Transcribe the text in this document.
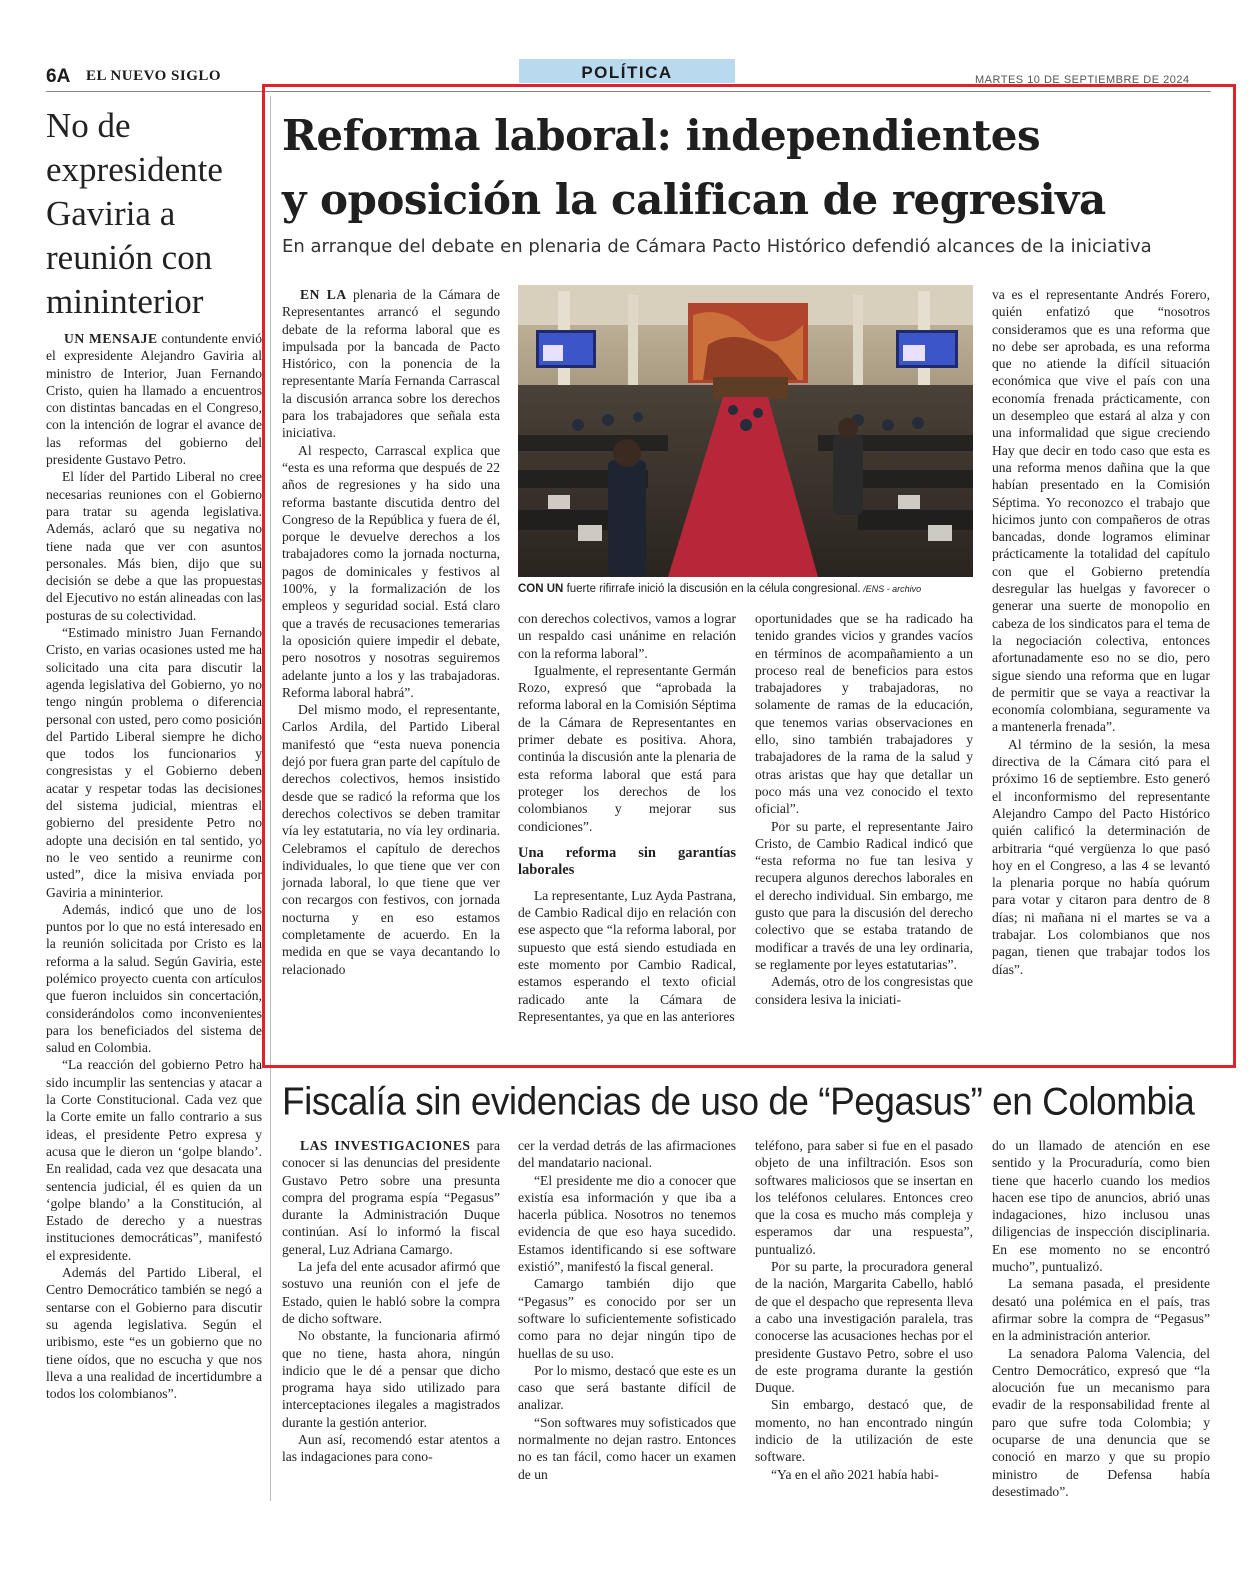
6A EL NUEVO SIGLO	POLÍTICA	MARTES 10 DE SEPTIEMBRE DE 2024
No de expresidente Gaviria a reunión con mininterior

UN MENSAJE contundente envió el expresidente Alejandro Gaviria al ministro de Interior, Juan Fernando Cristo, quien ha llamado a encuentros con distintas bancadas en el Congreso, con la intención de lograr el avance de las reformas del gobierno del presidente Gustavo Petro.

El líder del Partido Liberal no cree necesarias reuniones con el Gobierno para tratar su agenda legislativa. Además, aclaró que su negativa no tiene nada que ver con asuntos personales. Más bien, dijo que su decisión se debe a que las propuestas del Ejecutivo no están alineadas con las posturas de su colectividad.

“Estimado ministro Juan Fernando Cristo, en varias ocasiones usted me ha solicitado una cita para discutir la agenda legislativa del Gobierno, yo no tengo ningún problema o diferencia personal con usted, pero como posición del Partido Liberal siempre he dicho que todos los funcionarios y congresistas y el Gobierno deben acatar y respetar todas las decisiones del sistema judicial, mientras el gobierno del presidente Petro no adopte una decisión en tal sentido, yo no le veo sentido a reunirme con usted”, dice la misiva enviada por Gaviria a mininterior.

Además, indicó que uno de los puntos por lo que no está interesado en la reunión solicitada por Cristo es la reforma a la salud. Según Gaviria, este polémico proyecto cuenta con artículos que fueron incluidos sin concertación, considerándolos como inconvenientes para los beneficiados del sistema de salud en Colombia.

“La reacción del gobierno Petro ha sido incumplir las sentencias y atacar a la Corte Constitucional. Cada vez que la Corte emite un fallo contrario a sus ideas, el presidente Petro expresa y acusa que le dieron un ‘golpe blando’. En realidad, cada vez que desacata una sentencia judicial, él es quien da un ‘golpe blando’ a la Constitución, al Estado de derecho y a nuestras instituciones democráticas”, manifestó el expresidente.

Además del Partido Liberal, el Centro Democrático también se negó a sentarse con el Gobierno para discutir su agenda legislativa. Según el uribismo, este “es un gobierno que no tiene oídos, que no escucha y que nos lleva a una realidad de incertidumbre a todos los colombianos”.

Reforma laboral: independientes
y oposición la califican de regresiva
En arranque del debate en plenaria de Cámara Pacto Histórico defendió alcances de la iniciativa

EN LA plenaria de la Cámara de Representantes arrancó el segundo debate de la reforma laboral que es impulsada por la bancada de Pacto Histórico, con la ponencia de la representante María Fernanda Carrascal la discusión arranca sobre los derechos para los trabajadores que señala esta iniciativa.

Al respecto, Carrascal explica que “esta es una reforma que después de 22 años de regresiones y ha sido una reforma bastante discutida dentro del Congreso de la República y fuera de él, porque le devuelve derechos a los trabajadores como la jornada nocturna, pagos de dominicales y festivos al 100%, y la formalización de los empleos y seguridad social. Está claro que a través de recusaciones temerarias la oposición quiere impedir el debate, pero nosotros y nosotras seguiremos adelante junto a los y las trabajadoras. Reforma laboral habrá”.

Del mismo modo, el representante, Carlos Ardila, del Partido Liberal manifestó que “esta nueva ponencia dejó por fuera gran parte del capítulo de derechos colectivos, hemos insistido desde que se radicó la reforma que los derechos colectivos se deben tramitar vía ley estatutaria, no vía ley ordinaria. Celebramos el capítulo de derechos individuales, lo que tiene que ver con jornada laboral, lo que tiene que ver con recargos con festivos, con jornada nocturna y en eso estamos completamente de acuerdo. En la medida en que se vaya decantando lo relacionado

CON UN fuerte rifirrafe inició la discusión en la célula congresional. /ENS - archivo

con derechos colectivos, vamos a lograr un respaldo casi unánime en relación con la reforma laboral”.

Igualmente, el representante Germán Rozo, expresó que “aprobada la reforma laboral en la Comisión Séptima de la Cámara de Representantes en primer debate es positiva. Ahora, continúa la discusión ante la plenaria de esta reforma laboral que está para proteger los derechos de los colombianos y mejorar sus condiciones”.

Una reforma sin garantías laborales

La representante, Luz Ayda Pastrana, de Cambio Radical dijo en relación con ese aspecto que “la reforma laboral, por supuesto que está siendo estudiada en este momento por Cambio Radical, estamos esperando el texto oficial radicado ante la Cámara de Representantes, ya que en las anteriores

oportunidades que se ha radicado ha tenido grandes vicios y grandes vacíos en términos de acompañamiento a un proceso real de beneficios para estos trabajadores y trabajadoras, no solamente de ramas de la educación, que tenemos varias observaciones en ello, sino también trabajadores y trabajadores de la rama de la salud y otras aristas que hay que detallar un poco más una vez conocido el texto oficial”.

Por su parte, el representante Jairo Cristo, de Cambio Radical indicó que “esta reforma no fue tan lesiva y recupera algunos derechos laborales en el derecho individual. Sin embargo, me gusto que para la discusión del derecho colectivo que se estaba tratando de modificar a través de una ley ordinaria, se reglamente por leyes estatutarias”.

Además, otro de los congresistas que considera lesiva la iniciati-

va es el representante Andrés Forero, quién enfatizó que “nosotros consideramos que es una reforma que no debe ser aprobada, es una reforma que no atiende la difícil situación económica que vive el país con una economía frenada prácticamente, con un desempleo que estará al alza y con una informalidad que sigue creciendo Hay que decir en todo caso que esta es una reforma menos dañina que la que habían presentado en la Comisión Séptima. Yo reconozco el trabajo que hicimos junto con compañeros de otras bancadas, donde logramos eliminar prácticamente la totalidad del capítulo con que el Gobierno pretendía desregular las huelgas y favorecer o generar una suerte de monopolio en cabeza de los sindicatos para el tema de la negociación colectiva, entonces afortunadamente eso no se dio, pero sigue siendo una reforma que en lugar de permitir que se vaya a reactivar la economía colombiana, seguramente va a mantenerla frenada”.

Al término de la sesión, la mesa directiva de la Cámara citó para el próximo 16 de septiembre. Esto generó el inconformismo del representante Alejandro Campo del Pacto Histórico quién calificó la determinación de arbitraria “qué vergüenza lo que pasó hoy en el Congreso, a las 4 se levantó la plenaria porque no había quórum para votar y citaron para dentro de 8 días; ni mañana ni el martes se va a trabajar. Los colombianos que nos pagan, tienen que trabajar todos los días”.

Fiscalía sin evidencias de uso de “Pegasus” en Colombia

LAS INVESTIGACIONES para conocer si las denuncias del presidente Gustavo Petro sobre una presunta compra del programa espía “Pegasus” durante la Administración Duque continúan. Así lo informó la fiscal general, Luz Adriana Camargo.

La jefa del ente acusador afirmó que sostuvo una reunión con el jefe de Estado, quien le habló sobre la compra de dicho software.

No obstante, la funcionaria afirmó que no tiene, hasta ahora, ningún indicio que le dé a pensar que dicho programa haya sido utilizado para interceptaciones ilegales a magistrados durante la gestión anterior.

Aun así, recomendó estar atentos a las indagaciones para cono-

cer la verdad detrás de las afirmaciones del mandatario nacional.

“El presidente me dio a conocer que existía esa información y que iba a hacerla pública. Nosotros no tenemos evidencia de que eso haya sucedido. Estamos identificando si ese software existió”, manifestó la fiscal general.

Camargo también dijo que “Pegasus” es conocido por ser un software lo suficientemente sofisticado como para no dejar ningún tipo de huellas de su uso.

Por lo mismo, destacó que este es un caso que será bastante difícil de analizar.

“Son softwares muy sofisticados que normalmente no dejan rastro. Entonces no es tan fácil, como hacer un examen de un

teléfono, para saber si fue en el pasado objeto de una infiltración. Esos son softwares maliciosos que se insertan en los teléfonos celulares. Entonces creo que la cosa es mucho más compleja y esperamos dar una respuesta”, puntualizó.

Por su parte, la procuradora general de la nación, Margarita Cabello, habló de que el despacho que representa lleva a cabo una investigación paralela, tras conocerse las acusaciones hechas por el presidente Gustavo Petro, sobre el uso de este programa durante la gestión Duque.

Sin embargo, destacó que, de momento, no han encontrado ningún indicio de la utilización de este software.

“Ya en el año 2021 había habi-

do un llamado de atención en ese sentido y la Procuraduría, como bien tiene que hacerlo cuando los medios hacen ese tipo de anuncios, abrió unas indagaciones, hizo inclusou unas diligencias de inspección disciplinaria. En ese momento no se encontró mucho”, puntualizó.

La semana pasada, el presidente desató una polémica en el país, tras afirmar sobre la compra de “Pegasus” en la administración anterior.

La senadora Paloma Valencia, del Centro Democrático, expresó que “la alocución fue un mecanismo para evadir de la responsabilidad frente al paro que sufre toda Colombia; y ocuparse de una denuncia que se conoció en marzo y que su propio ministro de Defensa había desestimado”.
